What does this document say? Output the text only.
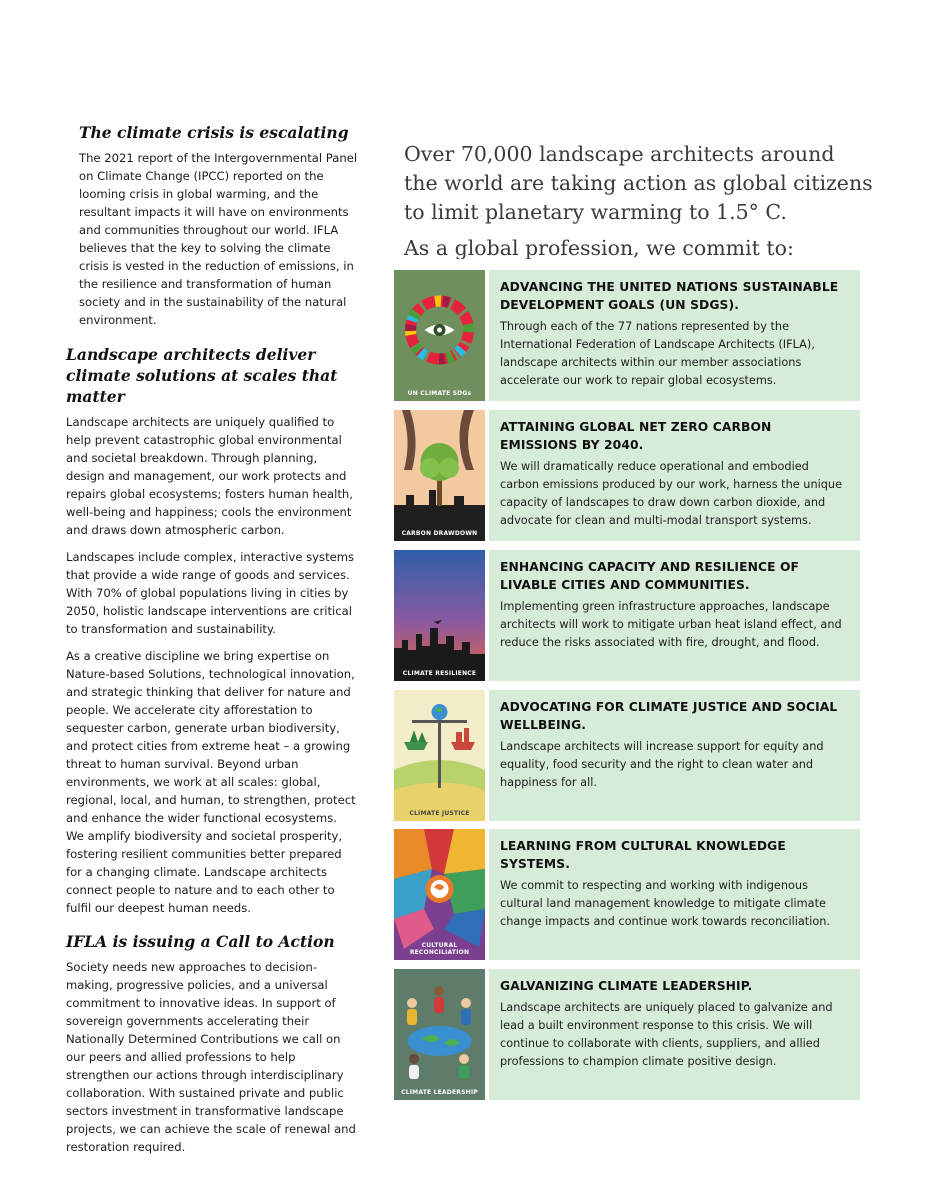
The climate crisis is escalating

The 2021 report of the Intergovernmental Panel on Climate Change (IPCC) reported on the looming crisis in global warming, and the resultant impacts it will have on environments and communities throughout our world. IFLA believes that the key to solving the climate crisis is vested in the reduction of emissions, in the resilience and transformation of human society and in the sustainability of the natural environment.

Landscape architects deliver climate solutions at scales that matter

Landscape architects are uniquely qualified to help prevent catastrophic global environmental and societal breakdown. Through planning, design and management, our work protects and repairs global ecosystems; fosters human health, well-being and happiness; cools the environment and draws down atmospheric carbon.

Landscapes include complex, interactive systems that provide a wide range of goods and services. With 70% of global populations living in cities by 2050, holistic landscape interventions are critical to transformation and sustainability.

As a creative discipline we bring expertise on Nature-based Solutions, technological innovation, and strategic thinking that deliver for nature and people. We accelerate city afforestation to sequester carbon, generate urban biodiversity, and protect cities from extreme heat – a growing threat to human survival. Beyond urban environments, we work at all scales: global, regional, local, and human, to strengthen, protect and enhance the wider functional ecosystems. We amplify biodiversity and societal prosperity, fostering resilient communities better prepared for a changing climate. Landscape architects connect people to nature and to each other to fulfil our deepest human needs.

IFLA is issuing a Call to Action

Society needs new approaches to decision-making, progressive policies, and a universal commitment to innovative ideas. In support of sovereign governments accelerating their Nationally Determined Contributions we call on our peers and allied professions to help strengthen our actions through interdisciplinary collaboration. With sustained private and public sectors investment in transformative landscape projects, we can achieve the scale of renewal and restoration required.

Over 70,000 landscape architects around the world are taking action as global citizens to limit planetary warming to 1.5° C.

As a global profession, we commit to:

UN CLIMATE SDGs
ADVANCING THE UNITED NATIONS SUSTAINABLE DEVELOPMENT GOALS (UN SDGS).
Through each of the 77 nations represented by the International Federation of Landscape Architects (IFLA), landscape architects within our member associations accelerate our work to repair global ecosystems.
CARBON DRAWDOWN
ATTAINING GLOBAL NET ZERO CARBON EMISSIONS BY 2040.
We will dramatically reduce operational and embodied carbon emissions produced by our work, harness the unique capacity of landscapes to draw down carbon dioxide, and advocate for clean and multi-modal transport systems.
CLIMATE RESILIENCE
ENHANCING CAPACITY AND RESILIENCE OF LIVABLE CITIES AND COMMUNITIES.
Implementing green infrastructure approaches, landscape architects will work to mitigate urban heat island effect, and reduce the risks associated with fire, drought, and flood.
CLIMATE JUSTICE
ADVOCATING FOR CLIMATE JUSTICE AND SOCIAL WELLBEING.
Landscape architects will increase support for equity and equality, food security and the right to clean water and happiness for all.
CULTURAL RECONCILIATION
LEARNING FROM CULTURAL KNOWLEDGE SYSTEMS.
We commit to respecting and working with indigenous cultural land management knowledge to mitigate climate change impacts and continue work towards reconciliation.
CLIMATE LEADERSHIP
GALVANIZING CLIMATE LEADERSHIP.
Landscape architects are uniquely placed to galvanize and lead a built environment response to this crisis. We will continue to collaborate with clients, suppliers, and allied professions to champion climate positive design.
